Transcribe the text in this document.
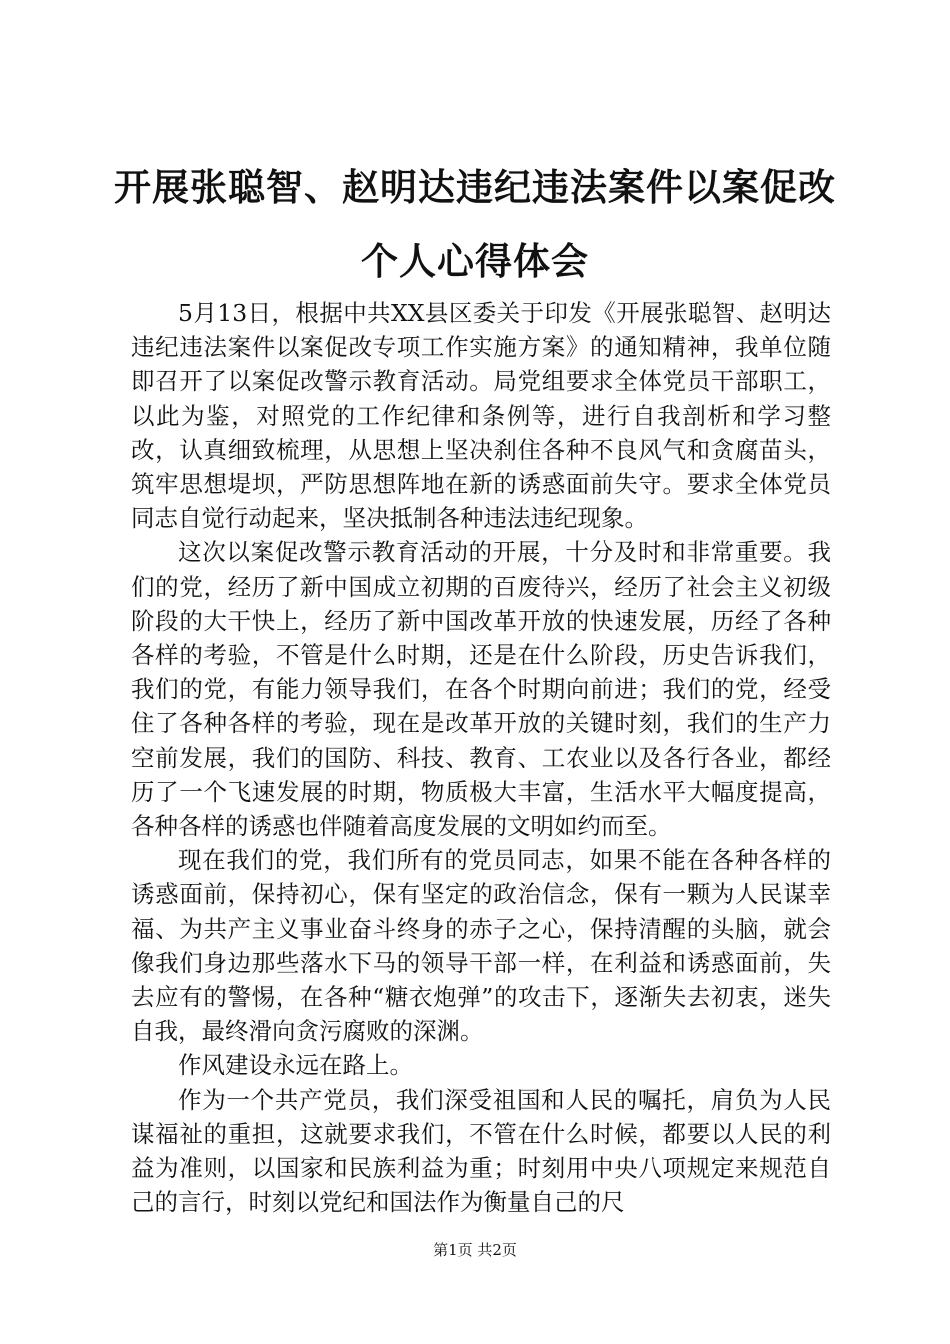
开展张聪智、赵明达违纪违法案件以案促改个人心得体会

5月13日，根据中共XX县区委关于印发《开展张聪智、赵明达违纪违法案件以案促改专项工作实施方案》的通知精神，我单位随即召开了以案促改警示教育活动。局党组要求全体党员干部职工，以此为鉴，对照党的工作纪律和条例等，进行自我剖析和学习整改，认真细致梳理，从思想上坚决刹住各种不良风气和贪腐苗头，筑牢思想堤坝，严防思想阵地在新的诱惑面前失守。要求全体党员同志自觉行动起来，坚决抵制各种违法违纪现象。

这次以案促改警示教育活动的开展，十分及时和非常重要。我们的党，经历了新中国成立初期的百废待兴，经历了社会主义初级阶段的大干快上，经历了新中国改革开放的快速发展，历经了各种各样的考验，不管是什么时期，还是在什么阶段，历史告诉我们，我们的党，有能力领导我们，在各个时期向前进；我们的党，经受住了各种各样的考验，现在是改革开放的关键时刻，我们的生产力空前发展，我们的国防、科技、教育、工农业以及各行各业，都经历了一个飞速发展的时期，物质极大丰富，生活水平大幅度提高，各种各样的诱惑也伴随着高度发展的文明如约而至。

现在我们的党，我们所有的党员同志，如果不能在各种各样的诱惑面前，保持初心，保有坚定的政治信念，保有一颗为人民谋幸福、为共产主义事业奋斗终身的赤子之心，保持清醒的头脑，就会像我们身边那些落水下马的领导干部一样，在利益和诱惑面前，失去应有的警惕，在各种“糖衣炮弹”的攻击下，逐渐失去初衷，迷失自我，最终滑向贪污腐败的深渊。

作风建设永远在路上。

作为一个共产党员，我们深受祖国和人民的嘱托，肩负为人民谋福祉的重担，这就要求我们，不管在什么时候，都要以人民的利益为准则，以国家和民族利益为重；时刻用中央八项规定来规范自己的言行，时刻以党纪和国法作为衡量自己的尺

第1页 共2页
